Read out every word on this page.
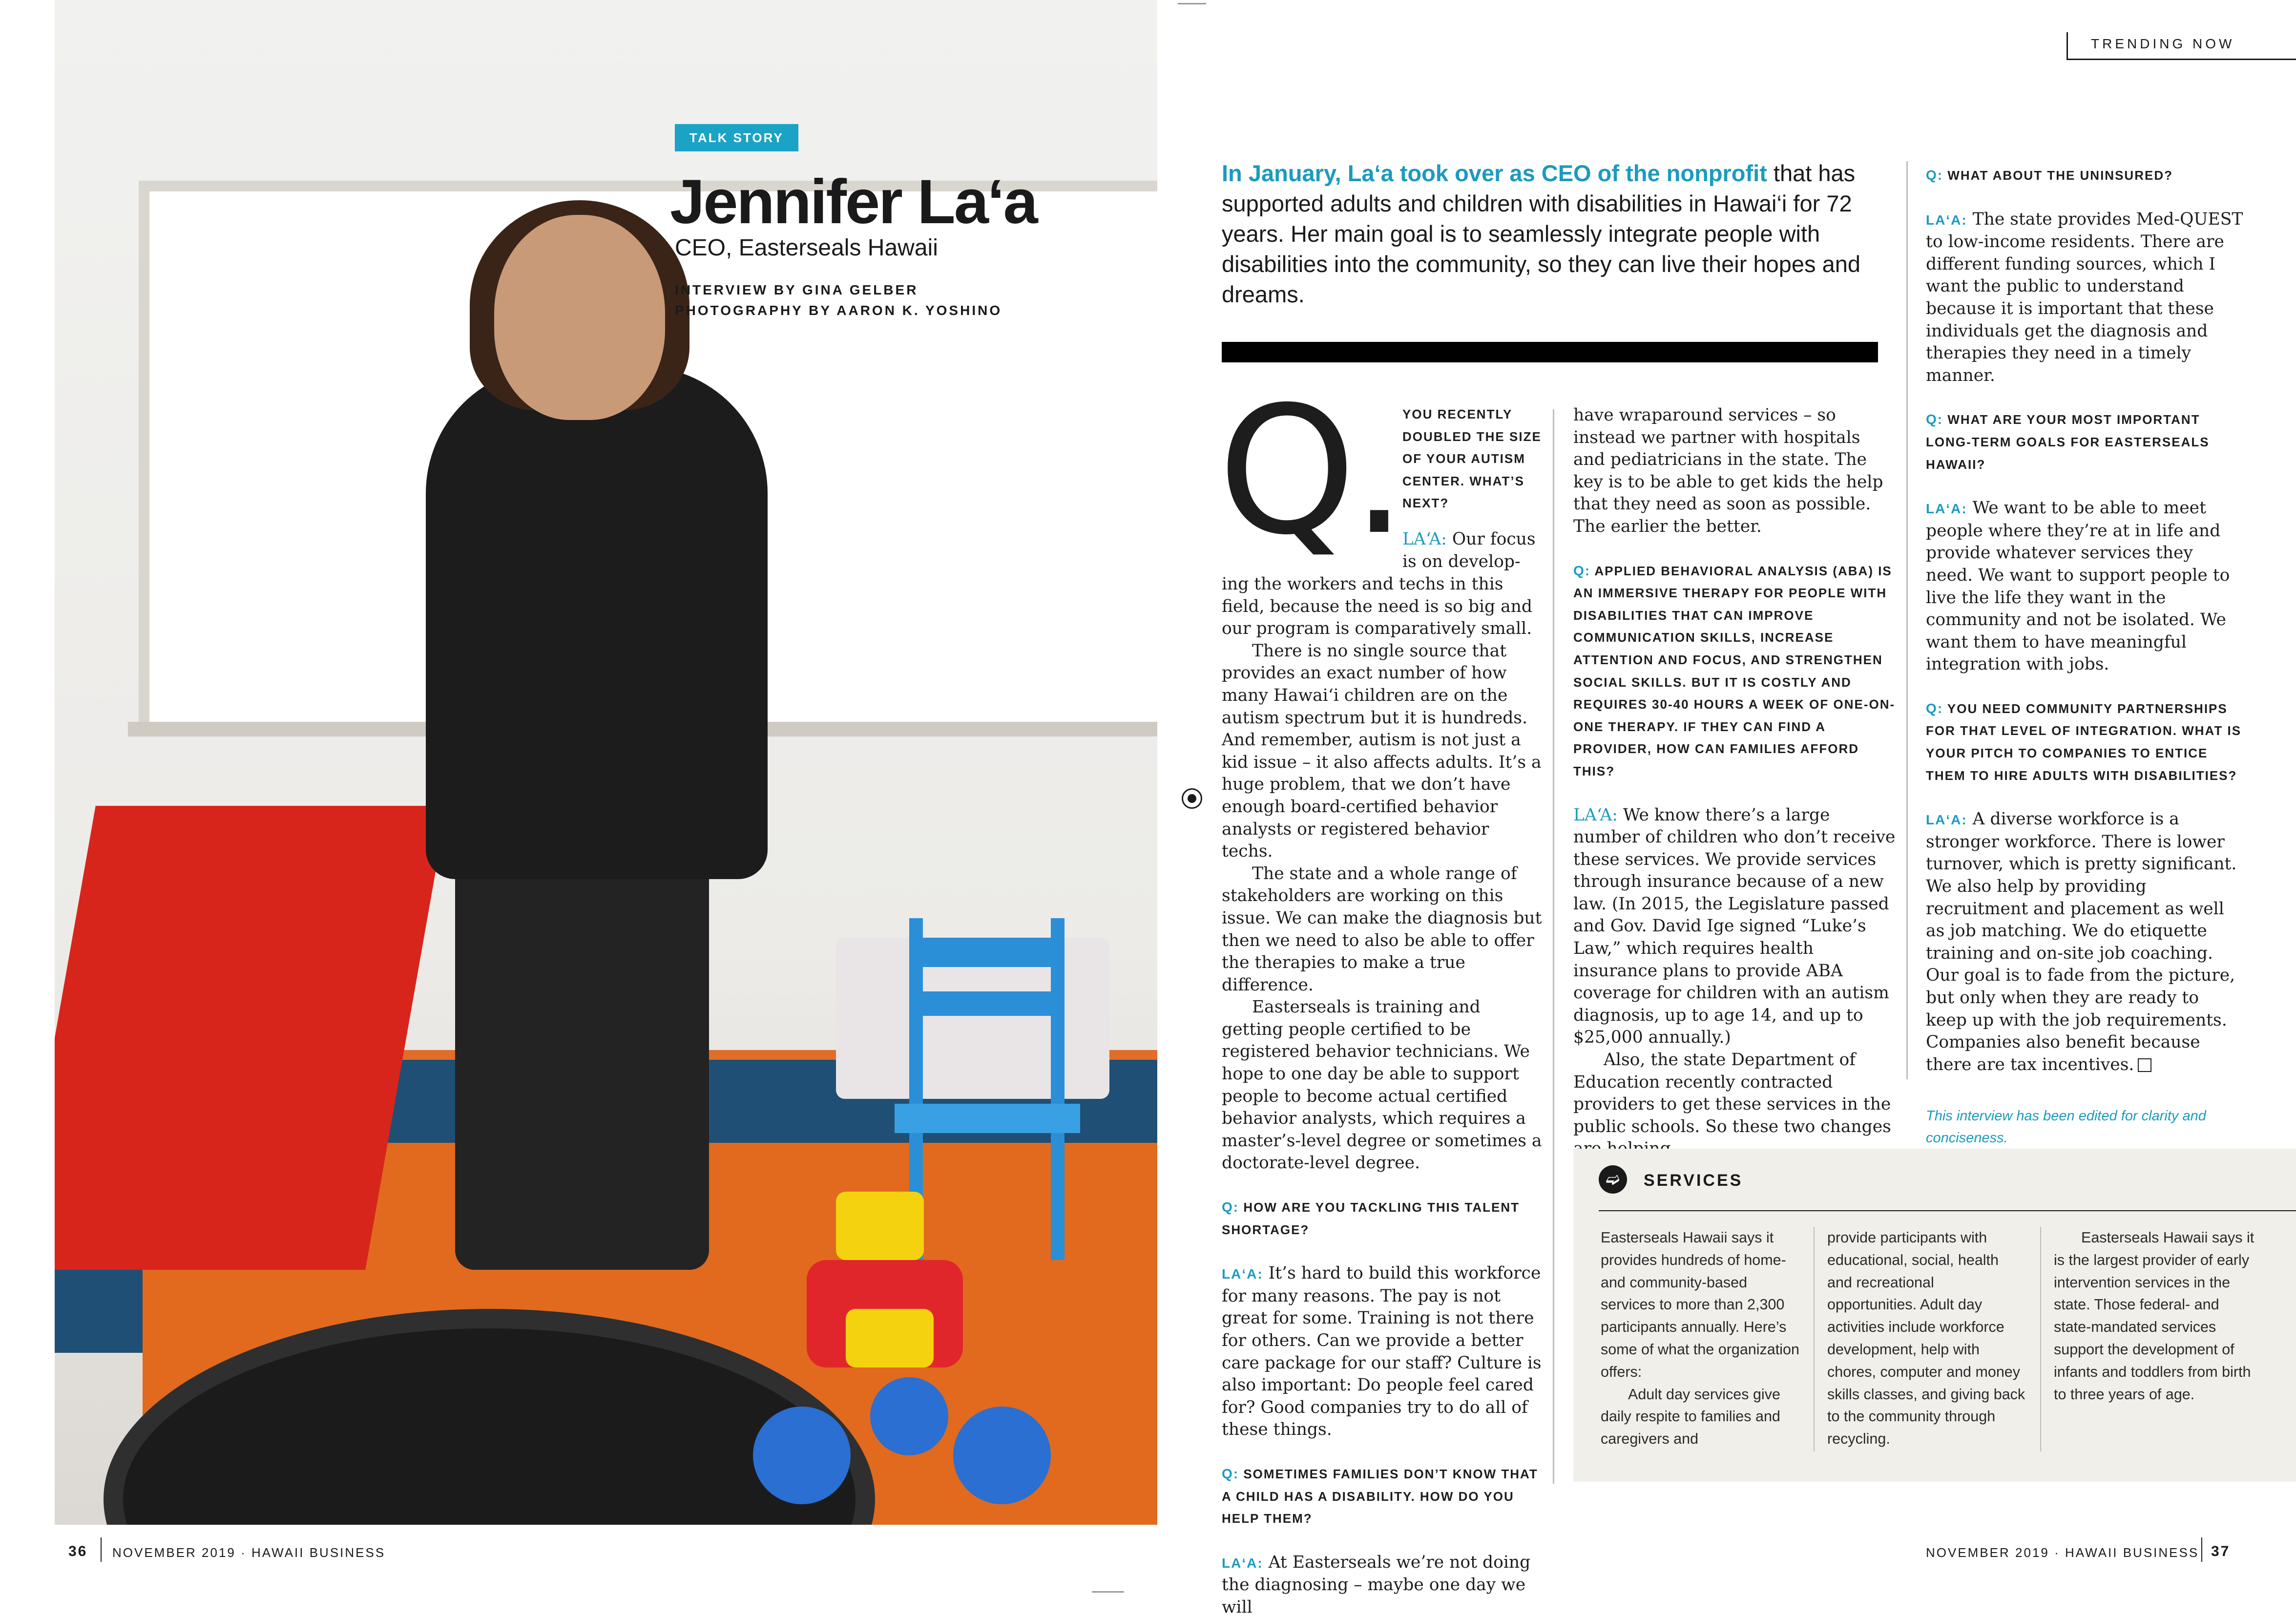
TALK STORY
Jennifer La‘a
CEO, Easterseals Hawaii
INTERVIEW BY GINA GELBER
PHOTOGRAPHY BY AARON K. YOSHINO
36 NOVEMBER 2019 · HAWAII BUSINESS	NOVEMBER 2019 · HAWAII BUSINESS 37
TRENDING NOW
In January, La‘a took over as CEO of the nonprofit that has supported adults and children with disabilities in Hawai‘i for 72 years. Her main goal is to seamlessly integrate people with disabilities into the community, so they can live their hopes and dreams.
Q. YOU RECENTLY DOUBLED THE SIZE OF YOUR AUTISM CENTER. WHAT’S NEXT?
LA‘A: Our focus is on develop-

ing the workers and techs in this field, because the need is so big and our program is comparatively small.

There is no single source that provides an exact number of how many Hawai‘i children are on the autism spectrum but it is hundreds. And remember, autism is not just a kid issue – it also affects adults. It’s a huge problem, that we don’t have enough board-certified behavior analysts or registered behavior techs.

The state and a whole range of stakeholders are working on this issue. We can make the diagnosis but then we need to also be able to offer the therapies to make a true difference.

Easterseals is training and getting people certified to be registered behavior technicians. We hope to one day be able to support people to become actual certified behavior analysts, which requires a master’s-level degree or sometimes a doctorate-level degree.

Q: HOW ARE YOU TACKLING THIS TALENT SHORTAGE?
LA‘A: It’s hard to build this workforce for many reasons. The pay is not great for some. Training is not there for others. Can we provide a better care package for our staff? Culture is also important: Do people feel cared for? Good companies try to do all of these things.
Q: SOMETIMES FAMILIES DON’T KNOW THAT A CHILD HAS A DISABILITY. HOW DO YOU HELP THEM?
LA‘A: At Easterseals we’re not doing the diagnosing – maybe one day we will

have wraparound services – so instead we partner with hospitals and pediatricians in the state. The key is to be able to get kids the help that they need as soon as possible. The earlier the better.

Q: APPLIED BEHAVIORAL ANALYSIS (ABA) IS AN IMMERSIVE THERAPY FOR PEOPLE WITH DISABILITIES THAT CAN IMPROVE COMMUNICATION SKILLS, INCREASE ATTENTION AND FOCUS, AND STRENGTHEN SOCIAL SKILLS. BUT IT IS COSTLY AND REQUIRES 30-40 HOURS A WEEK OF ONE-ON-ONE THERAPY. IF THEY CAN FIND A PROVIDER, HOW CAN FAMILIES AFFORD THIS?

LA‘A: We know there’s a large number of children who don’t receive these services. We provide services through insurance because of a new law. (In 2015, the Legislature passed and Gov. David Ige signed “Luke’s Law,” which requires health insurance plans to provide ABA coverage for children with an autism diagnosis, up to age 14, and up to $25,000 annually.)

Also, the state Department of Education recently contracted providers to get these services in the public schools. So these two changes

Q: WHAT ABOUT THE UNINSURED?
LA‘A: The state provides Med-QUEST to low-income residents. There are different funding sources, which I want the public to understand because it is important that these individuals get the diagnosis and therapies they need in a timely manner.
Q: WHAT ARE YOUR MOST IMPORTANT LONG-TERM GOALS FOR EASTERSEALS HAWAII?
LA‘A: We want to be able to meet people where they’re at in life and provide whatever services they need. We want to support people to live the life they want in the community and not be isolated. We want them to have meaningful integration with jobs.
Q: YOU NEED COMMUNITY PARTNERSHIPS FOR THAT LEVEL OF INTEGRATION. WHAT IS YOUR PITCH TO COMPANIES TO ENTICE THEM TO HIRE ADULTS WITH DISABILITIES?
LA‘A: A diverse workforce is a stronger workforce. There is lower turnover, which is pretty significant. We also help by providing recruitment and placement as well as job matching. We do etiquette training and on-site job coaching. Our goal is to fade from the picture, but only when they are ready to keep up with the job requirements. Companies also benefit because there are tax incentives.
This interview has been edited for clarity and conciseness.
➫	SERVICES

Easterseals Hawaii says it provides hundreds of home- and community-based services to more than 2,300 participants annually. Here’s some of what the organization offers:

Adult day services give daily respite to families and caregivers and

provide participants with educational, social, health and recreational opportunities. Adult day activities include workforce development, help with chores, computer and money skills classes, and giving back to the community through recycling.

Easterseals Hawaii says it is the largest provider of early intervention services in the state. Those federal- and state-mandated services support the development of infants and toddlers from birth to three years of age.
